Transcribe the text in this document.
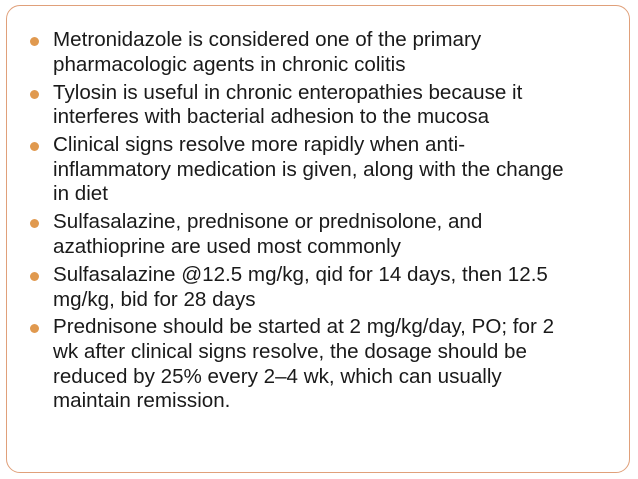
Metronidazole is considered one of the primary
pharmacologic agents in chronic colitis
Tylosin is useful in chronic enteropathies because it
interferes with bacterial adhesion to the mucosa
Clinical signs resolve more rapidly when anti-
inflammatory medication is given, along with the change
in diet
Sulfasalazine, prednisone or prednisolone, and
azathioprine are used most commonly
Sulfasalazine @12.5 mg/kg, qid for 14 days, then 12.5
mg/kg, bid for 28 days
Prednisone should be started at 2 mg/kg/day, PO; for 2
wk after clinical signs resolve, the dosage should be
reduced by 25% every 2–4 wk, which can usually
maintain remission.
